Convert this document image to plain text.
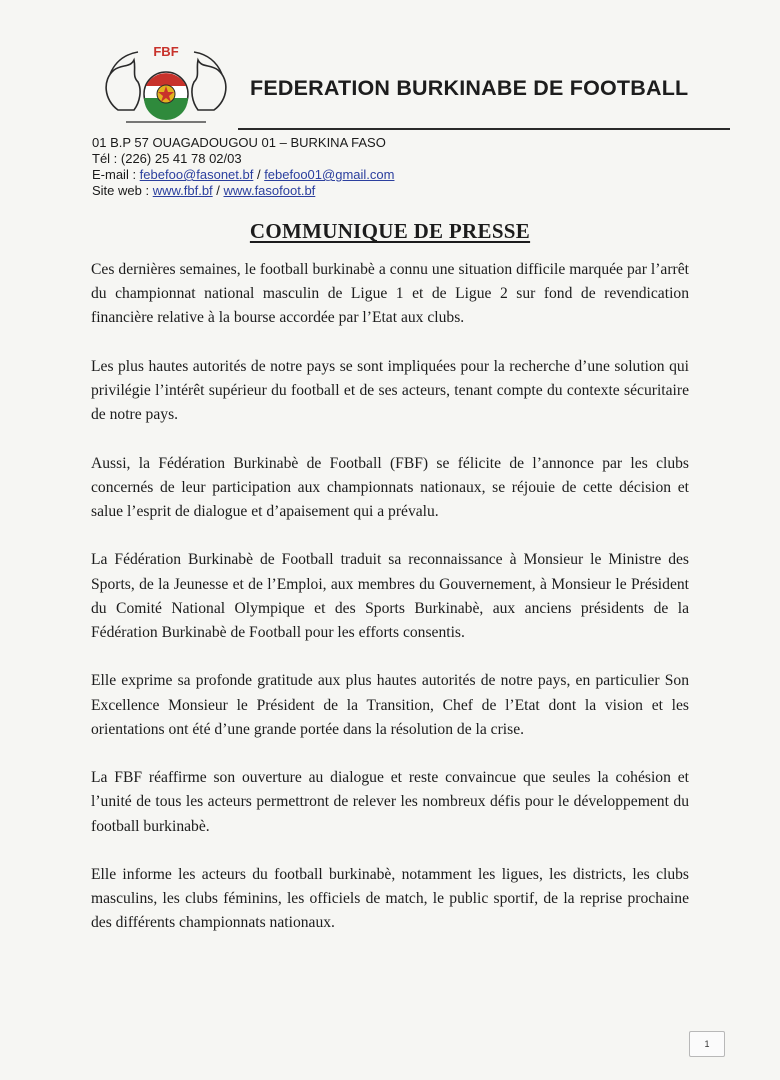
FBF
FEDERATION BURKINABE DE FOOTBALL
01 B.P 57 OUAGADOUGOU 01 – BURKINA FASO
Tél : (226) 25 41 78 02/03
E-mail : febefoo@fasonet.bf / febefoo01@gmail.com
Site web : www.fbf.bf / www.fasofoot.bf
COMMUNIQUE DE PRESSE

Ces dernières semaines, le football burkinabè a connu une situation difficile marquée par l’arrêt du championnat national masculin de Ligue 1 et de Ligue 2 sur fond de revendication financière relative à la bourse accordée par l’Etat aux clubs.

Les plus hautes autorités de notre pays se sont impliquées pour la recherche d’une solution qui privilégie l’intérêt supérieur du football et de ses acteurs, tenant compte du contexte sécuritaire de notre pays.

Aussi, la Fédération Burkinabè de Football (FBF) se félicite de l’annonce par les clubs concernés de leur participation aux championnats nationaux, se réjouie de cette décision et salue l’esprit de dialogue et d’apaisement qui a prévalu.

La Fédération Burkinabè de Football traduit sa reconnaissance à Monsieur le Ministre des Sports, de la Jeunesse et de l’Emploi, aux membres du Gouvernement, à Monsieur le Président du Comité National Olympique et des Sports Burkinabè, aux anciens présidents de la Fédération Burkinabè de Football pour les efforts consentis.

Elle exprime sa profonde gratitude aux plus hautes autorités de notre pays, en particulier Son Excellence Monsieur le Président de la Transition, Chef de l’Etat dont la vision et les orientations ont été d’une grande portée dans la résolution de la crise.

La FBF réaffirme son ouverture au dialogue et reste convaincue que seules la cohésion et l’unité de tous les acteurs permettront de relever les nombreux défis pour le développement du football burkinabè.

Elle informe les acteurs du football burkinabè, notamment les ligues, les districts, les clubs masculins, les clubs féminins, les officiels de match, le public sportif, de la reprise prochaine des différents championnats nationaux.

1
